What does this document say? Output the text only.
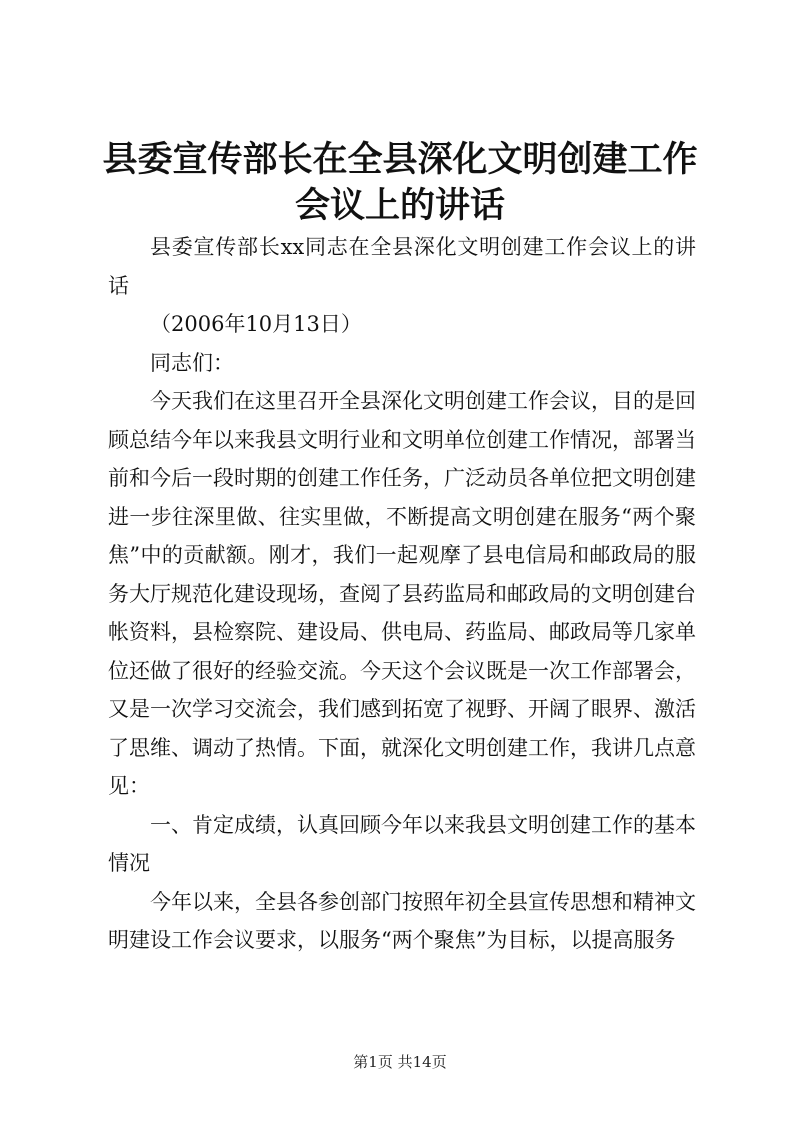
县委宣传部长在全县深化文明创建工作会议上的讲话

县委宣传部长xx同志在全县深化文明创建工作会议上的讲话

（2006年10月13日）

同志们：

今天我们在这里召开全县深化文明创建工作会议，目的是回顾总结今年以来我县文明行业和文明单位创建工作情况，部署当前和今后一段时期的创建工作任务，广泛动员各单位把文明创建进一步往深里做、往实里做，不断提高文明创建在服务“两个聚焦”中的贡献额。刚才，我们一起观摩了县电信局和邮政局的服务大厅规范化建设现场，查阅了县药监局和邮政局的文明创建台帐资料，县检察院、建设局、供电局、药监局、邮政局等几家单位还做了很好的经验交流。今天这个会议既是一次工作部署会，又是一次学习交流会，我们感到拓宽了视野、开阔了眼界、激活了思维、调动了热情。下面，就深化文明创建工作，我讲几点意见：

一、肯定成绩，认真回顾今年以来我县文明创建工作的基本情况

今年以来，全县各参创部门按照年初全县宣传思想和精神文明建设工作会议要求，以服务“两个聚焦”为目标，以提高服务

第1页 共14页
